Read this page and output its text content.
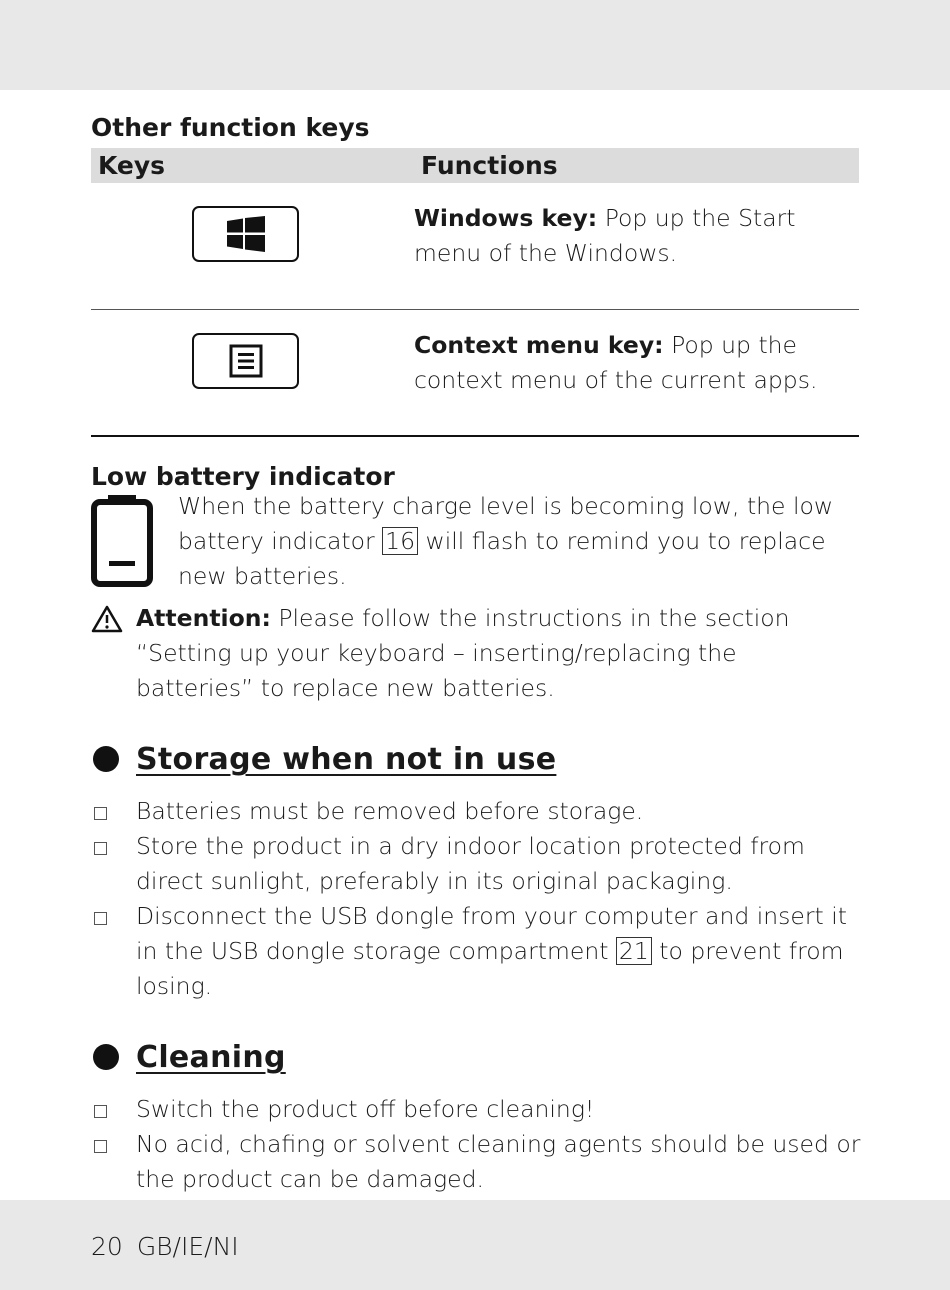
Other function keys
Keys	Functions

	Windows key: Pop up the Start menu of the Windows.

	Context menu key: Pop up the context menu of the current apps.
Low battery indicator
When the battery charge level is becoming low, the low battery indicator 16 will flash to remind you to replace new batteries.
Attention: Please follow the instructions in the section “Setting up your keyboard – inserting/replacing the batteries” to replace new batteries.
Storage when not in use
Batteries must be removed before storage.
Store the product in a dry indoor location protected from direct sunlight, preferably in its original packaging.
Disconnect the USB dongle from your computer and insert it in the USB dongle storage compartment 21 to prevent from losing.
Cleaning
Switch the product off before cleaning!
No acid, chafing or solvent cleaning agents should be used or the product can be damaged.
20 GB/IE/NI
